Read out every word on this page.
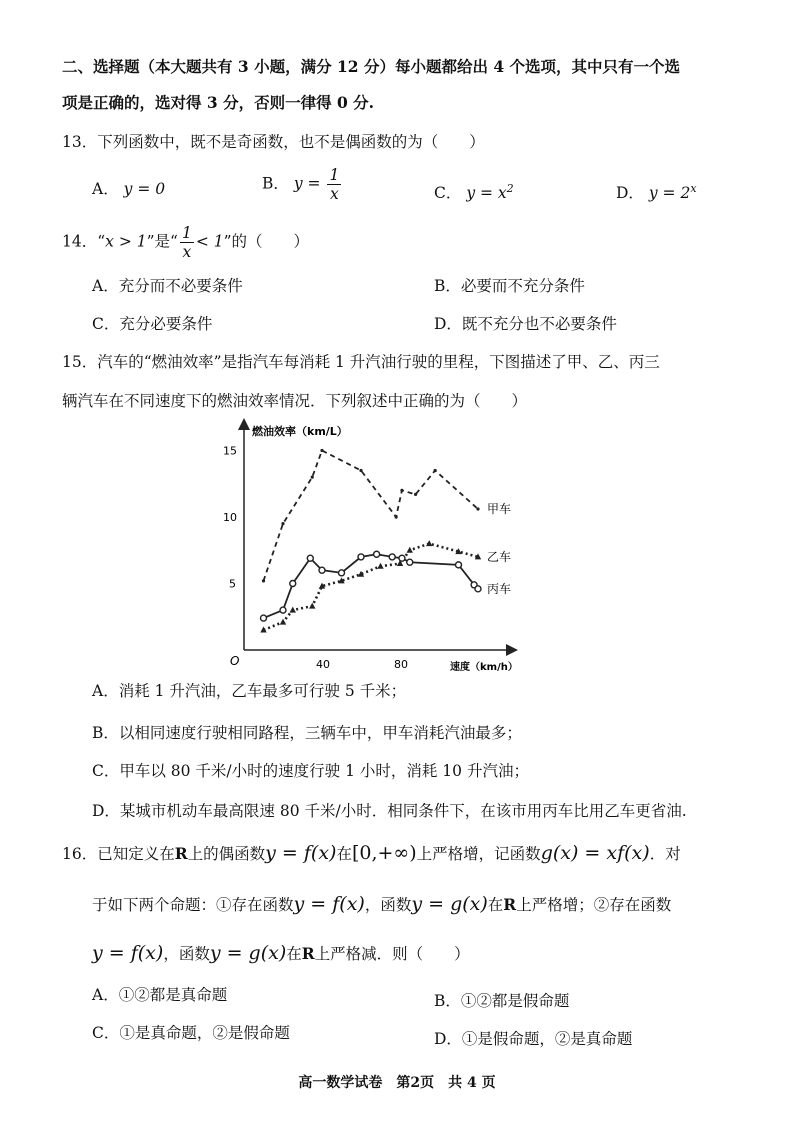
二、选择题（本大题共有 3 小题，满分 12 分）每小题都给出 4 个选项，其中只有一个选
项是正确的，选对得 3 分，否则一律得 0 分.
13．下列函数中，既不是奇函数，也不是偶函数的为（　　）
A． y = 0	B． $y = \frac{1}{x}$	C． $y = x^2$	D． $y = 2^x$
14．“x > 1”是“ $\frac{1}{x} < 1$”的（　　）
A．充分而不必要条件	B．必要而不充分条件
C．充分必要条件	D．既不充分也不必要条件
15．汽车的“燃油效率”是指汽车每消耗 1 升汽油行驶的里程，下图描述了甲、乙、丙三
辆汽车在不同速度下的燃油效率情况．下列叙述中正确的为（　　）
燃油效率（km/L）
速度（km/h）
O	40	80
5
10
15
甲车
乙车
丙车
A．消耗 1 升汽油，乙车最多可行驶 5 千米；
B．以相同速度行驶相同路程，三辆车中，甲车消耗汽油最多；
C．甲车以 80 千米/小时的速度行驶 1 小时，消耗 10 升汽油；
D．某城市机动车最高限速 80 千米/小时．相同条件下，在该市用丙车比用乙车更省油.
16．已知定义在R上的偶函数y = f(x)在[0,+∞)上严格增，记函数g(x) = xf(x)．对
于如下两个命题：①存在函数y = f(x)，函数y = g(x)在R上严格增；②存在函数
y = f(x)，函数y = g(x)在R上严格减．则（　　）
A．①②都是真命题	B．①②都是假命题
C．①是真命题，②是假命题	D．①是假命题，②是真命题
高一数学试卷　第2页　共 4 页
